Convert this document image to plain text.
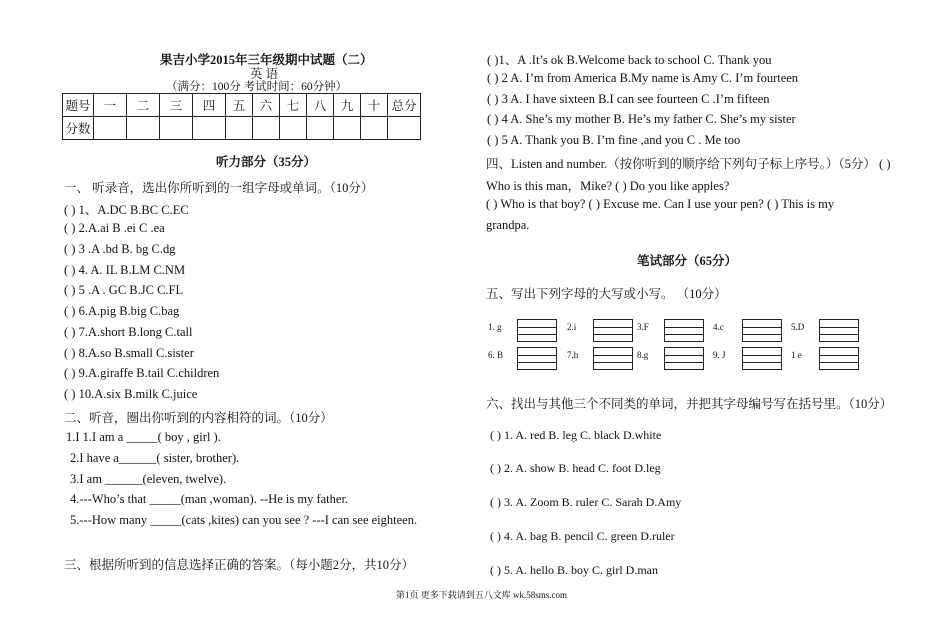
果吉小学2015年三年级期中试题（二）
英 语
（满分：100分 考试时间：60分钟）
题号	一	二	三	四	五	六	七	八	九	十	总分
分数											
听力部分（35分）
一、 听录音，选出你所听到的一组字母或单词。（10分）
( ) 1、A.DC B.BC C.EC
( ) 2.A.ai B .ei C .ea
( ) 3 .A .bd B. bg C.dg
( ) 4. A. IL B.LM C.NM
( ) 5 .A . GC B.JC C.FL
( ) 6.A.pig B.big C.bag
( ) 7.A.short B.long C.tall
( ) 8.A.so B.small C.sister
( ) 9.A.giraffe B.tail C.children
( ) 10.A.six B.milk C.juice
二、听音，圈出你听到的内容相符的词。（10分）
1.I 1.I am a _____( boy , girl ).
2.I have a______( sister, brother).
3.I am ______(eleven, twelve).
4.---Who’s that _____(man ,woman). --He is my father.
5.---How many _____(cats ,kites) can you see ? ---I can see eighteen.
三、根据所听到的信息选择正确的答案。（每小题2分，共10分）
( )1、A .It’s ok B.Welcome back to school C. Thank you
( ) 2 A. I’m from America B.My name is Amy C. I’m fourteen
( ) 3 A. I have sixteen B.I can see fourteen C .I’m fifteen
( ) 4 A. She’s my mother B. He’s my father C. She’s my sister
( ) 5 A. Thank you B. I’m fine ,and you C . Me too
四、Listen and number.（按你听到的顺序给下列句子标上序号。）（5分） ( )
Who is this man，Mike? ( ) Do you like apples?
( ) Who is that boy? ( ) Excuse me. Can I use your pen? ( ) This is my
grandpa.
笔试部分（65分）
五、写出下列字母的大写或小写。 （10分）
1. g	2.i	3.F	4.c	5.D
6. B	7.h	8.g	9. J	1 e
六、找出与其他三个不同类的单词，并把其字母编号写在括号里。（10分）
( ) 1. A. red B. leg C. black D.white
( ) 2. A. show B. head C. foot D.leg
( ) 3. A. Zoom B. ruler C. Sarah D.Amy
( ) 4. A. bag B. pencil C. green D.ruler
( ) 5. A. hello B. boy C. girl D.man
第1页 更多下载请到五八文库 wk.58sms.com
